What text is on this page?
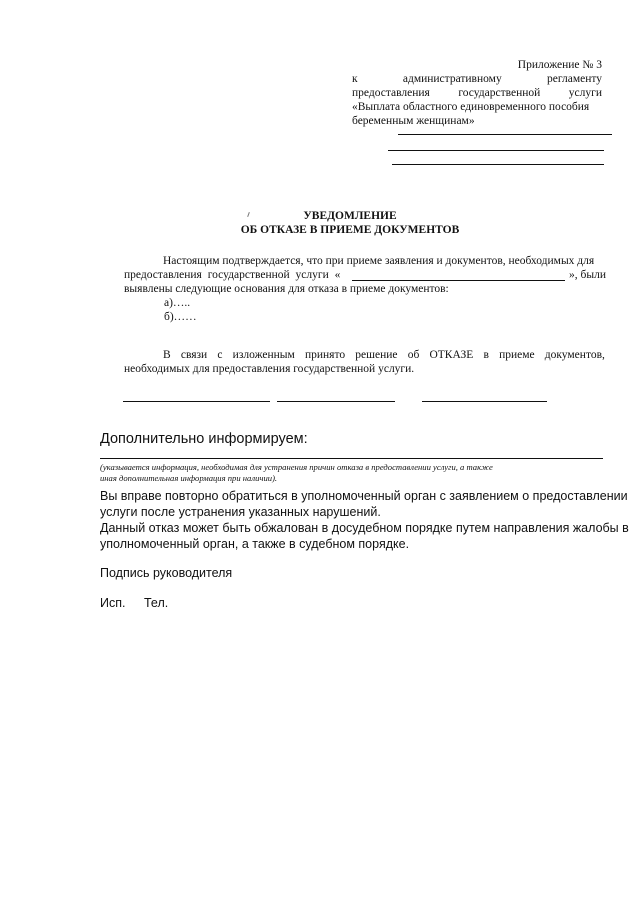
Приложение № 3
к	административному	регламенту
предоставления государственной услуги
«Выплата областного единовременного пособия
беременным женщинам»
УВЕДОМЛЕНИЕ
ОБ ОТКАЗЕ В ПРИЕМЕ ДОКУМЕНТОВ
Настоящим подтверждается, что при приеме заявления и документов, необходимых для
предоставления государственной услуги «	», были
выявлены следующие основания для отказа в приеме документов:
а)…..
б)……
В связи с изложенным принято решение об ОТКАЗЕ в приеме документов,
необходимых для предоставления государственной услуги.
Дополнительно информируем:
(указывается информация, необходимая для устранения причин отказа в предоставлении услуги, а также
иная дополнительная информация при наличии).
Вы вправе повторно обратиться в уполномоченный орган с заявлением о предоставлении
услуги после устранения указанных нарушений.
Данный отказ может быть обжалован в досудебном порядке путем направления жалобы в
уполномоченный орган, а также в судебном порядке.
Подпись руководителя
Исп. Тел.
